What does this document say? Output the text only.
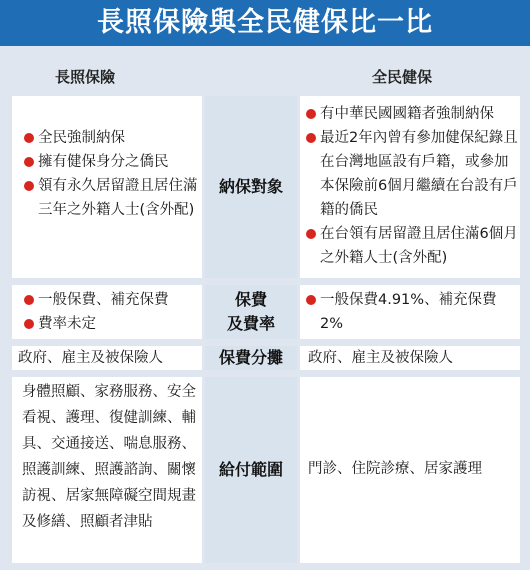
長照保險與全民健保比一比
長照保險	全民健保
全民強制納保
擁有健保身分之僑民
領有永久居留證且居住滿三年之外籍人士(含外配)
納保對象
有中華民國國籍者強制納保
最近2年內曾有參加健保紀錄且在台灣地區設有戶籍，或參加本保險前6個月繼續在台設有戶籍的僑民
在台領有居留證且居住滿6個月之外籍人士(含外配)
一般保費、補充保費
費率未定
保費
及費率
一般保費4.91%、補充保費2%
政府、雇主及被保險人	保費分攤 政府、雇主及被保險人
身體照顧、家務服務、安全看視、護理、復健訓練、輔具、交通接送、喘息服務、照護訓練、照護諮詢、關懷訪視、居家無障礙空間規畫及修繕、照顧者津貼
給付範圍 門診、住院診療、居家護理
